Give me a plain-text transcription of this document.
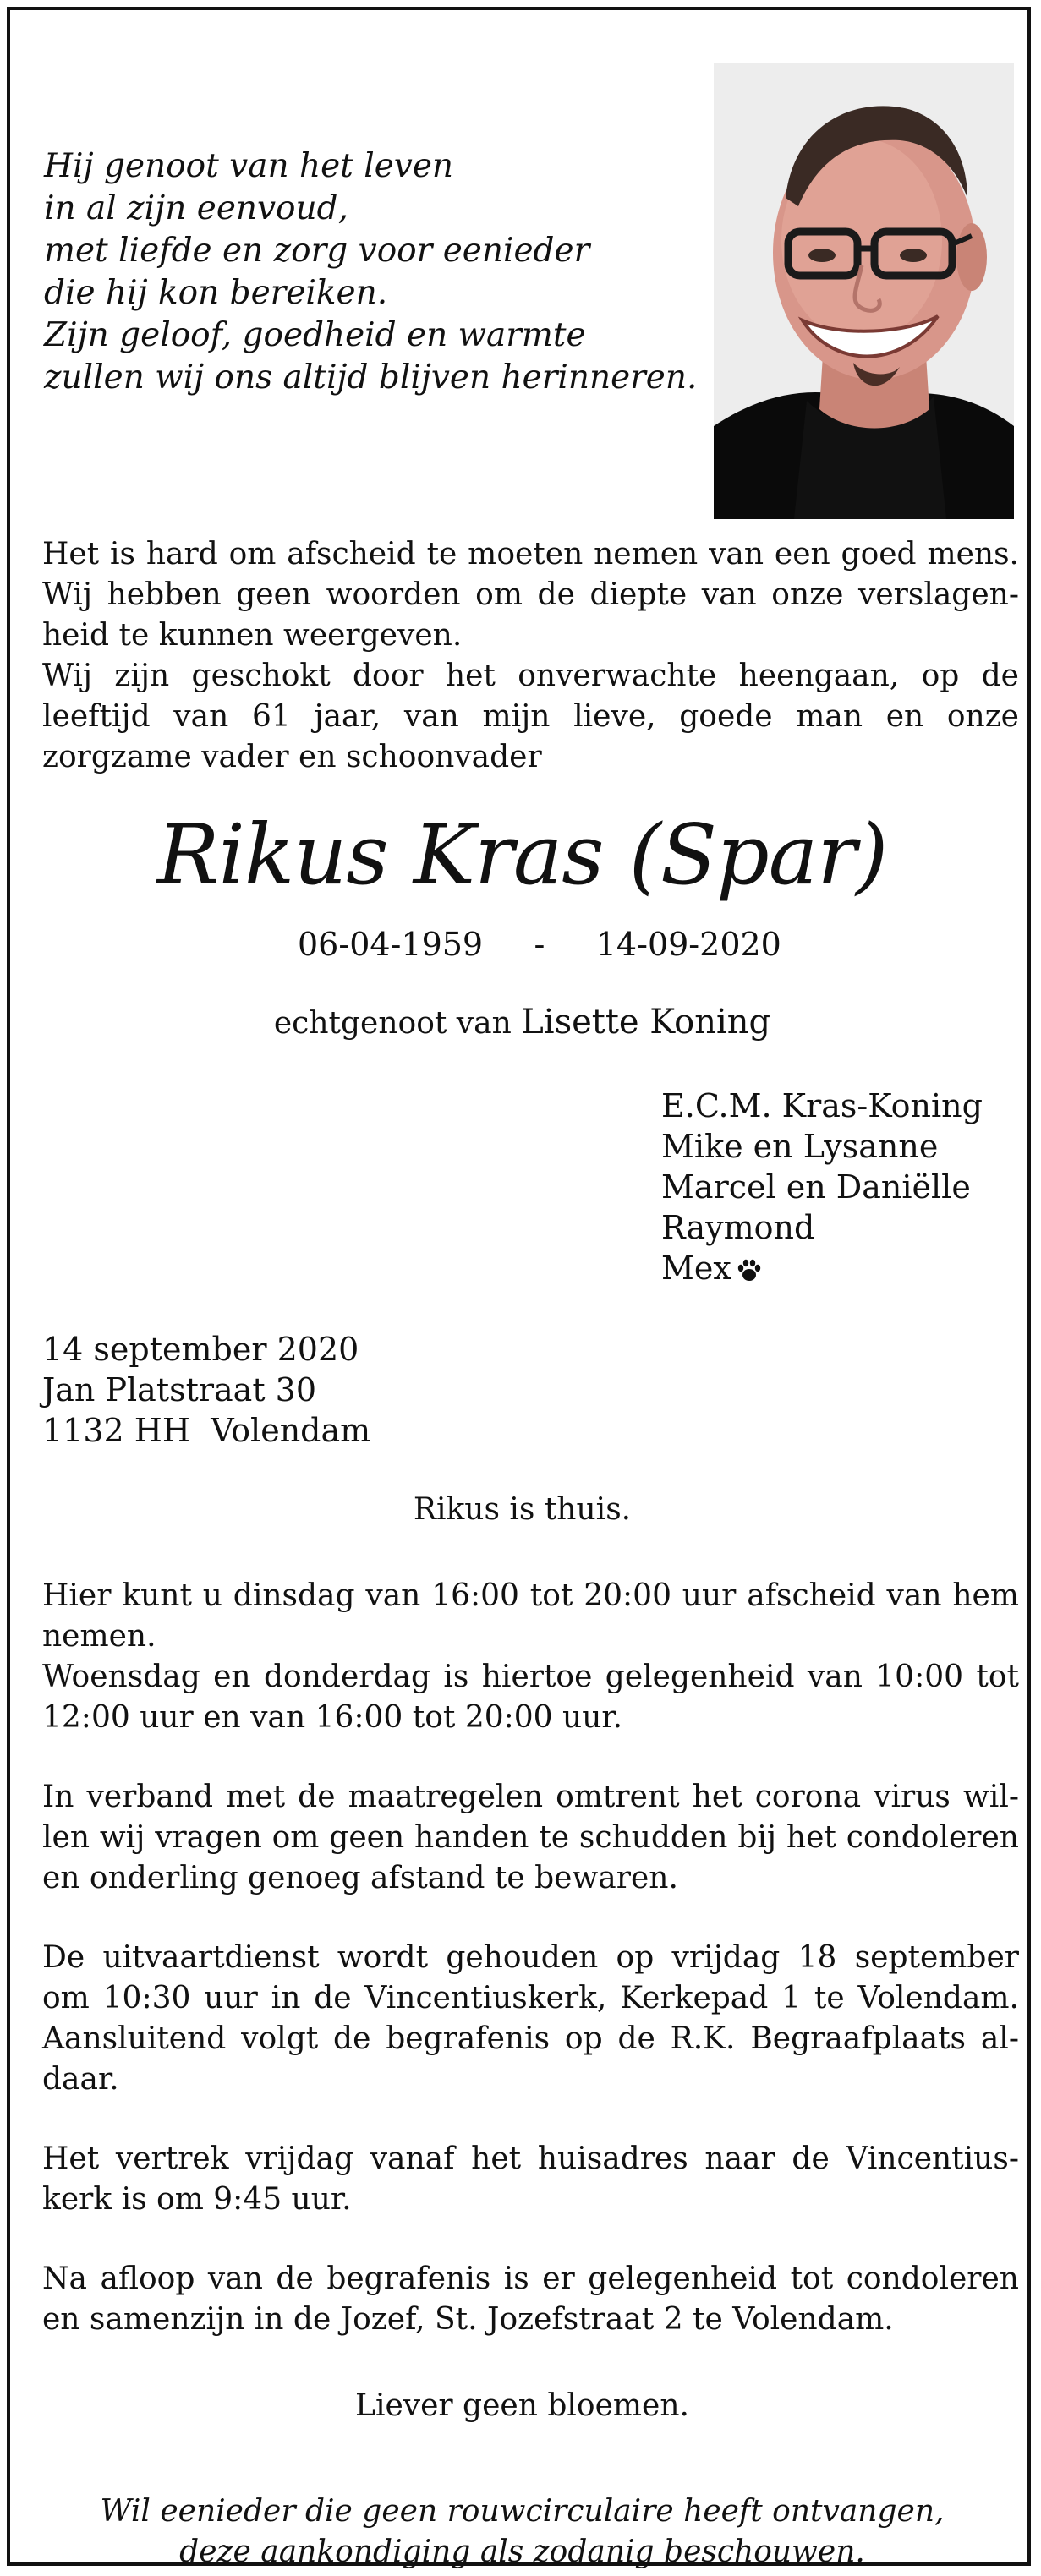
Hij genoot van het leven
in al zijn eenvoud,
met liefde en zorg voor eenieder
die hij kon bereiken.
Zijn geloof, goedheid en warmte
zullen wij ons altijd blijven herinneren.
Het is hard om afscheid te moeten nemen van een goed mens.
Wij hebben geen woorden om de diepte van onze verslagen-
heid te kunnen weergeven.
Wij zijn geschokt door het onverwachte heengaan, op de
leeftijd van 61 jaar, van mijn lieve, goede man en onze
zorgzame vader en schoonvader
Rikus Kras (Spar)
06-04-1959 - 14-09-2020
echtgenoot van Lisette Koning
E.C.M. Kras-Koning
Mike en Lysanne
Marcel en Daniëlle
Raymond
Mex
14 september 2020
Jan Platstraat 30
1132 HH  Volendam
Rikus is thuis.
Hier kunt u dinsdag van 16:00 tot 20:00 uur afscheid van hem
nemen.
Woensdag en donderdag is hiertoe gelegenheid van 10:00 tot
12:00 uur en van 16:00 tot 20:00 uur.
In verband met de maatregelen omtrent het corona virus wil-
len wij vragen om geen handen te schudden bij het condoleren
en onderling genoeg afstand te bewaren.
De uitvaartdienst wordt gehouden op vrijdag 18 september
om 10:30 uur in de Vincentiuskerk, Kerkepad 1 te Volendam.
Aansluitend volgt de begrafenis op de R.K. Begraafplaats al-
daar.
Het vertrek vrijdag vanaf het huisadres naar de Vincentius-
kerk is om 9:45 uur.
Na afloop van de begrafenis is er gelegenheid tot condoleren
en samenzijn in de Jozef, St. Jozefstraat 2 te Volendam.
Liever geen bloemen.
Wil eenieder die geen rouwcirculaire heeft ontvangen,
deze aankondiging als zodanig beschouwen.
